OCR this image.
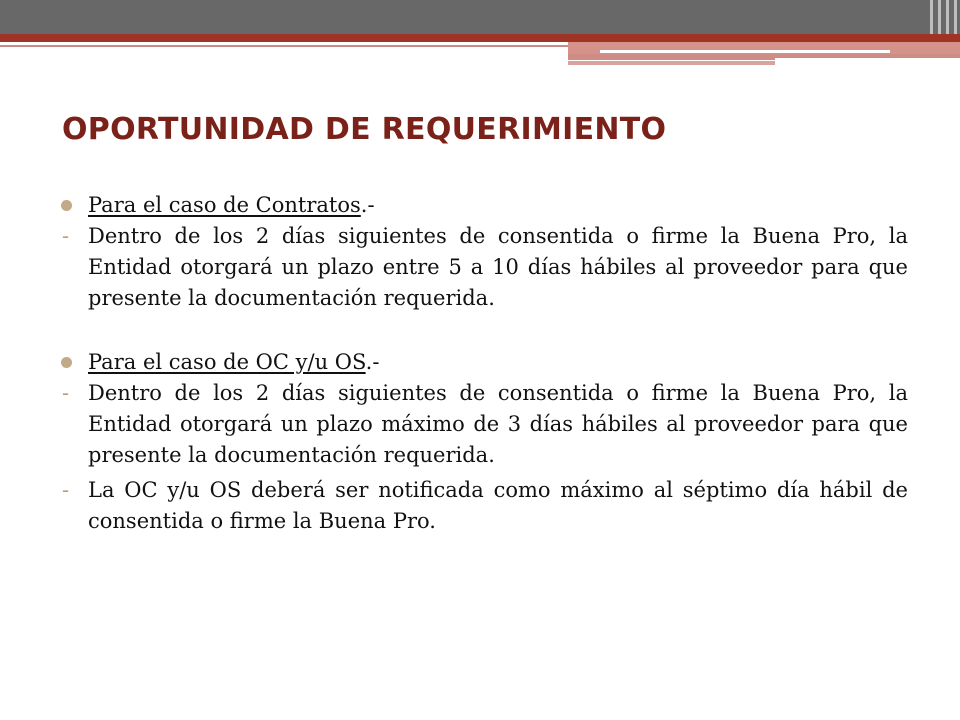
OPORTUNIDAD DE REQUERIMIENTO

Para el caso de Contratos.-

- Dentro de los 2 días siguientes de consentida o firme la Buena Pro, la Entidad otorgará un plazo entre 5 a 10 días hábiles al proveedor para que presente la documentación requerida.

Para el caso de OC y/u OS.-

- Dentro de los 2 días siguientes de consentida o firme la Buena Pro, la Entidad otorgará un plazo máximo de 3 días hábiles al proveedor para que presente la documentación requerida.

- La OC y/u OS deberá ser notificada como máximo al séptimo día hábil de consentida o firme la Buena Pro.
